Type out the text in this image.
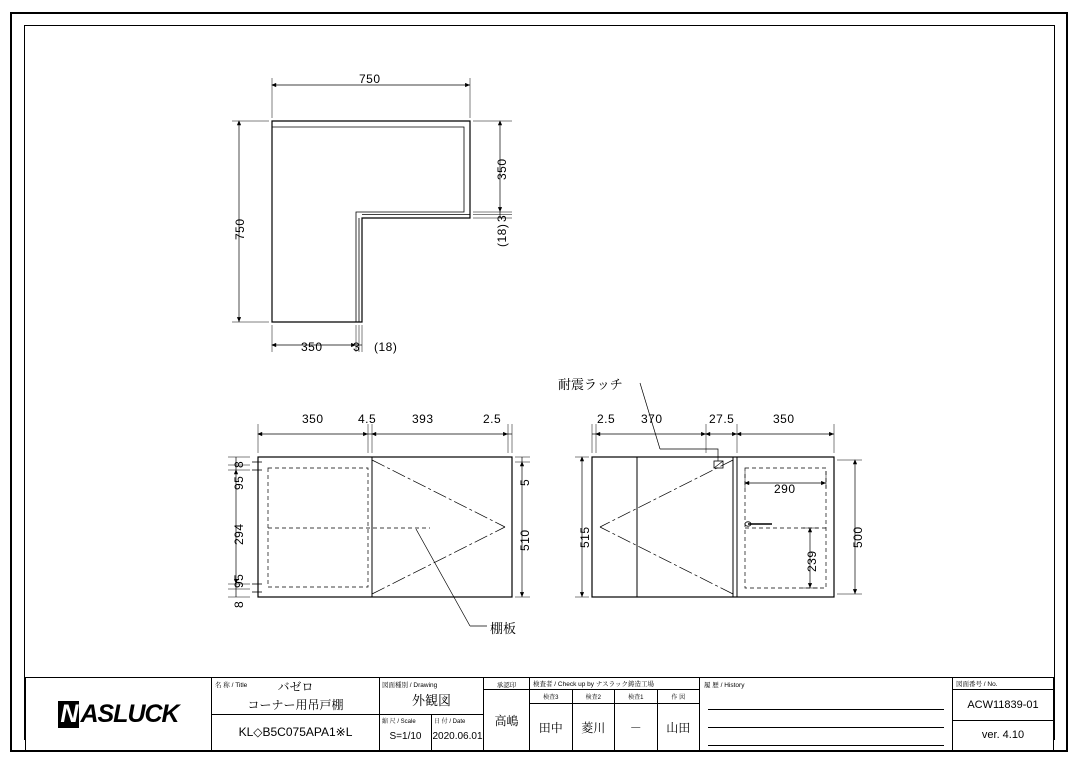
750
750
350
3
(18)
350	3 (18)
350	4.5	393	2.5
8
95
294
95
8
5
510
2.5 370	27.5	350
515	500
290
239
耐震ラッチ
棚板
N ASLUCK
名 称 / Title	バゼロ
コーナー用吊戸棚
KL◇B5C075APA1※L
図面種別 / Drawing
外観図
縮 尺 / Scale
S=1/10
日 付 / Date
2020.06.01
承認印
高嶋
検査者 / Check up by ナスラック鋳造工場
検査3	検査2	検査1	作 図
田中	菱川	－	山田
履 歴 / History	図面番号 / No.
ACW11839-01
ver. 4.10
